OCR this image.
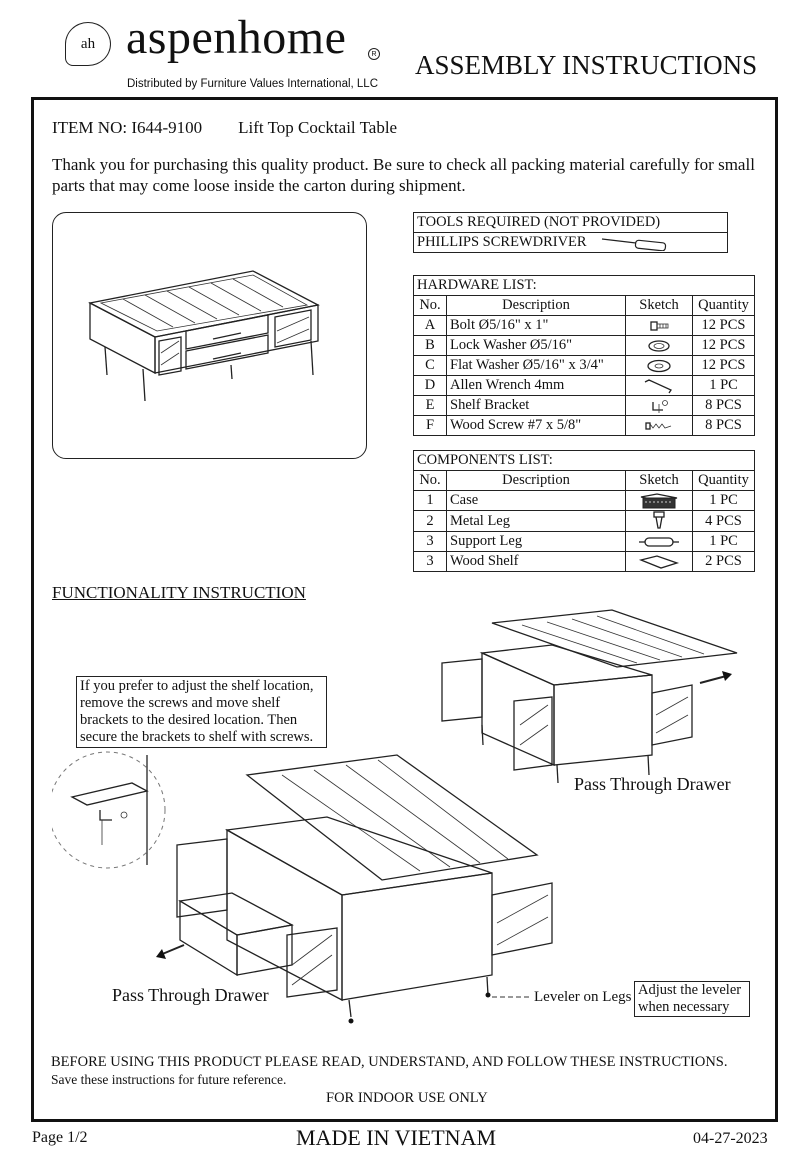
ah aspenhome	R
Distributed by Furniture Values International, LLC
ASSEMBLY INSTRUCTIONS
ITEM NO: I644-9100 Lift Top Cocktail Table
Thank you for purchasing this quality product. Be sure to check all packing material carefully for small parts that may come loose inside the carton during shipment.
TOOLS REQUIRED (NOT PROVIDED)
PHILLIPS SCREWDRIVER
HARDWARE LIST:			
No.	Description	Sketch	Quantity
A	Bolt Ø5/16" x 1"		12 PCS
B	Lock Washer Ø5/16"		12 PCS
C	Flat Washer Ø5/16" x 3/4"		12 PCS
D	Allen Wrench 4mm		1 PC
E	Shelf Bracket		8 PCS
F	Wood Screw #7 x 5/8"		8 PCS
COMPONENTS LIST:			
No.	Description	Sketch	Quantity
1	Case		1 PC
2	Metal Leg		4 PCS
3	Support Leg		1 PC
3	Wood Shelf		2 PCS
FUNCTIONALITY INSTRUCTION
If you prefer to adjust the shelf location, remove the screws and move shelf brackets to the desired location. Then secure the brackets to shelf with screws.
Pass Through Drawer
Pass Through Drawer	Leveler on Legs Adjust the leveler when necessary
BEFORE USING THIS PRODUCT PLEASE READ, UNDERSTAND, AND FOLLOW THESE INSTRUCTIONS.
Save these instructions for future reference.
FOR INDOOR USE ONLY
Page 1/2	MADE IN VIETNAM	04-27-2023
